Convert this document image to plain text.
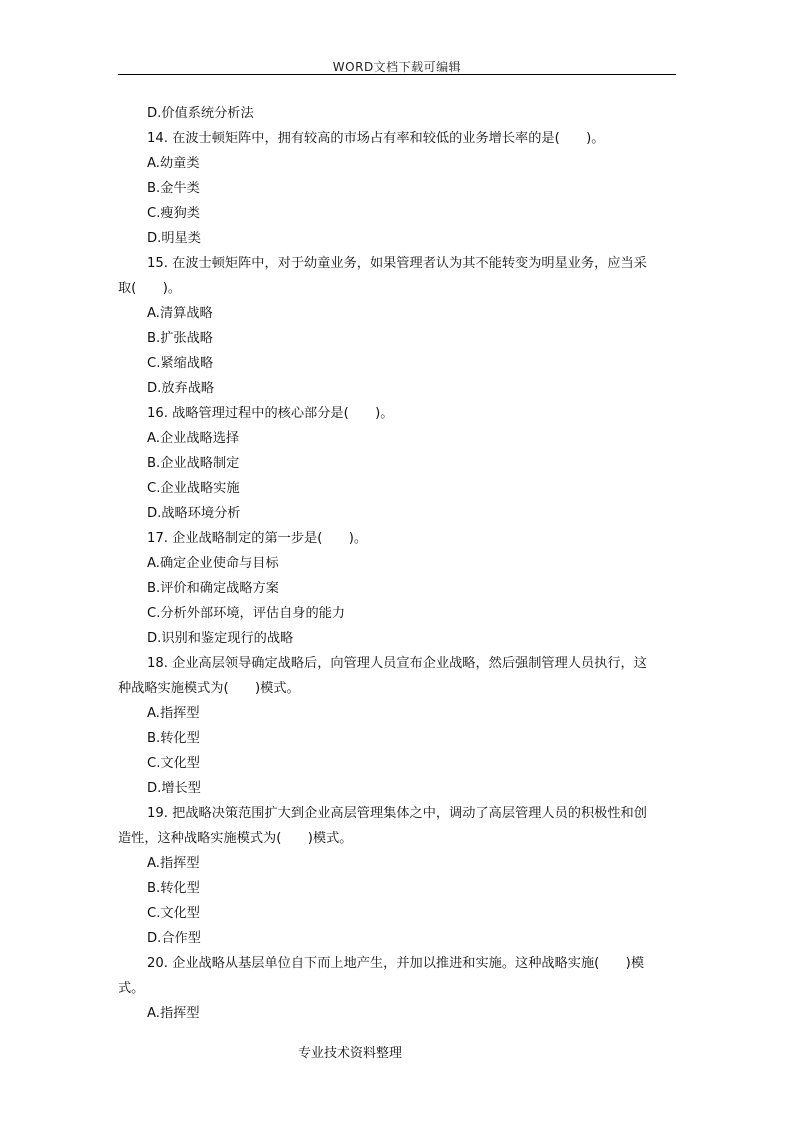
WORD文档下载可编辑
D.价值系统分析法
14. 在波士顿矩阵中，拥有较高的市场占有率和较低的业务增长率的是(　　)。
A.幼童类
B.金牛类
C.瘦狗类
D.明星类
15. 在波士顿矩阵中，对于幼童业务，如果管理者认为其不能转变为明星业务，应当采
取(　　)。
A.清算战略
B.扩张战略
C.紧缩战略
D.放弃战略
16. 战略管理过程中的核心部分是(　　)。
A.企业战略选择
B.企业战略制定
C.企业战略实施
D.战略环境分析
17. 企业战略制定的第一步是(　　)。
A.确定企业使命与目标
B.评价和确定战略方案
C.分析外部环境，评估自身的能力
D.识别和鉴定现行的战略
18. 企业高层领导确定战略后，向管理人员宣布企业战略，然后强制管理人员执行，这
种战略实施模式为(　　)模式。
A.指挥型
B.转化型
C.文化型
D.增长型
19. 把战略决策范围扩大到企业高层管理集体之中，调动了高层管理人员的积极性和创
造性，这种战略实施模式为(　　)模式。
A.指挥型
B.转化型
C.文化型
D.合作型
20. 企业战略从基层单位自下而上地产生，并加以推进和实施。这种战略实施(　　)模
式。
A.指挥型
专业技术资料整理
